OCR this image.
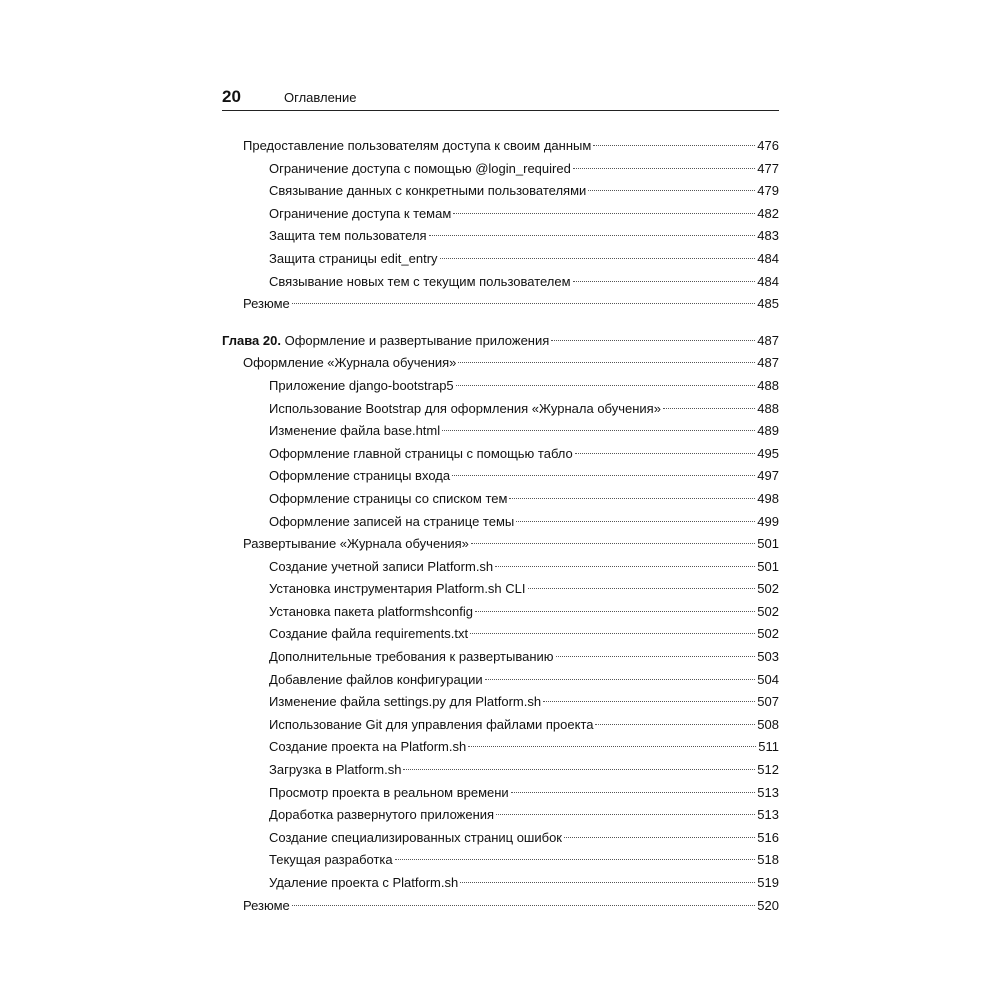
20	Оглавление
Предоставление пользователям доступа к своим данным	476
Ограничение доступа с помощью @login_required	477
Связывание данных с конкретными пользователями	479
Ограничение доступа к темам	482
Защита тем пользователя	483
Защита страницы edit_entry	484
Связывание новых тем с текущим пользователем	484
Резюме	485
Глава 20. Оформление и развертывание приложения	487
Оформление «Журнала обучения»	487
Приложение django-bootstrap5	488
Использование Bootstrap для оформления «Журнала обучения»	488
Изменение файла base.html	489
Оформление главной страницы с помощью табло	495
Оформление страницы входа	497
Оформление страницы со списком тем	498
Оформление записей на странице темы	499
Развертывание «Журнала обучения»	501
Создание учетной записи Platform.sh	501
Установка инструментария Platform.sh CLI	502
Установка пакета platformshconfig	502
Создание файла requirements.txt	502
Дополнительные требования к развертыванию	503
Добавление файлов конфигурации	504
Изменение файла settings.py для Platform.sh	507
Использование Git для управления файлами проекта	508
Создание проекта на Platform.sh	511
Загрузка в Platform.sh	512
Просмотр проекта в реальном времени	513
Доработка развернутого приложения	513
Создание специализированных страниц ошибок	516
Текущая разработка	518
Удаление проекта с Platform.sh	519
Резюме	520
